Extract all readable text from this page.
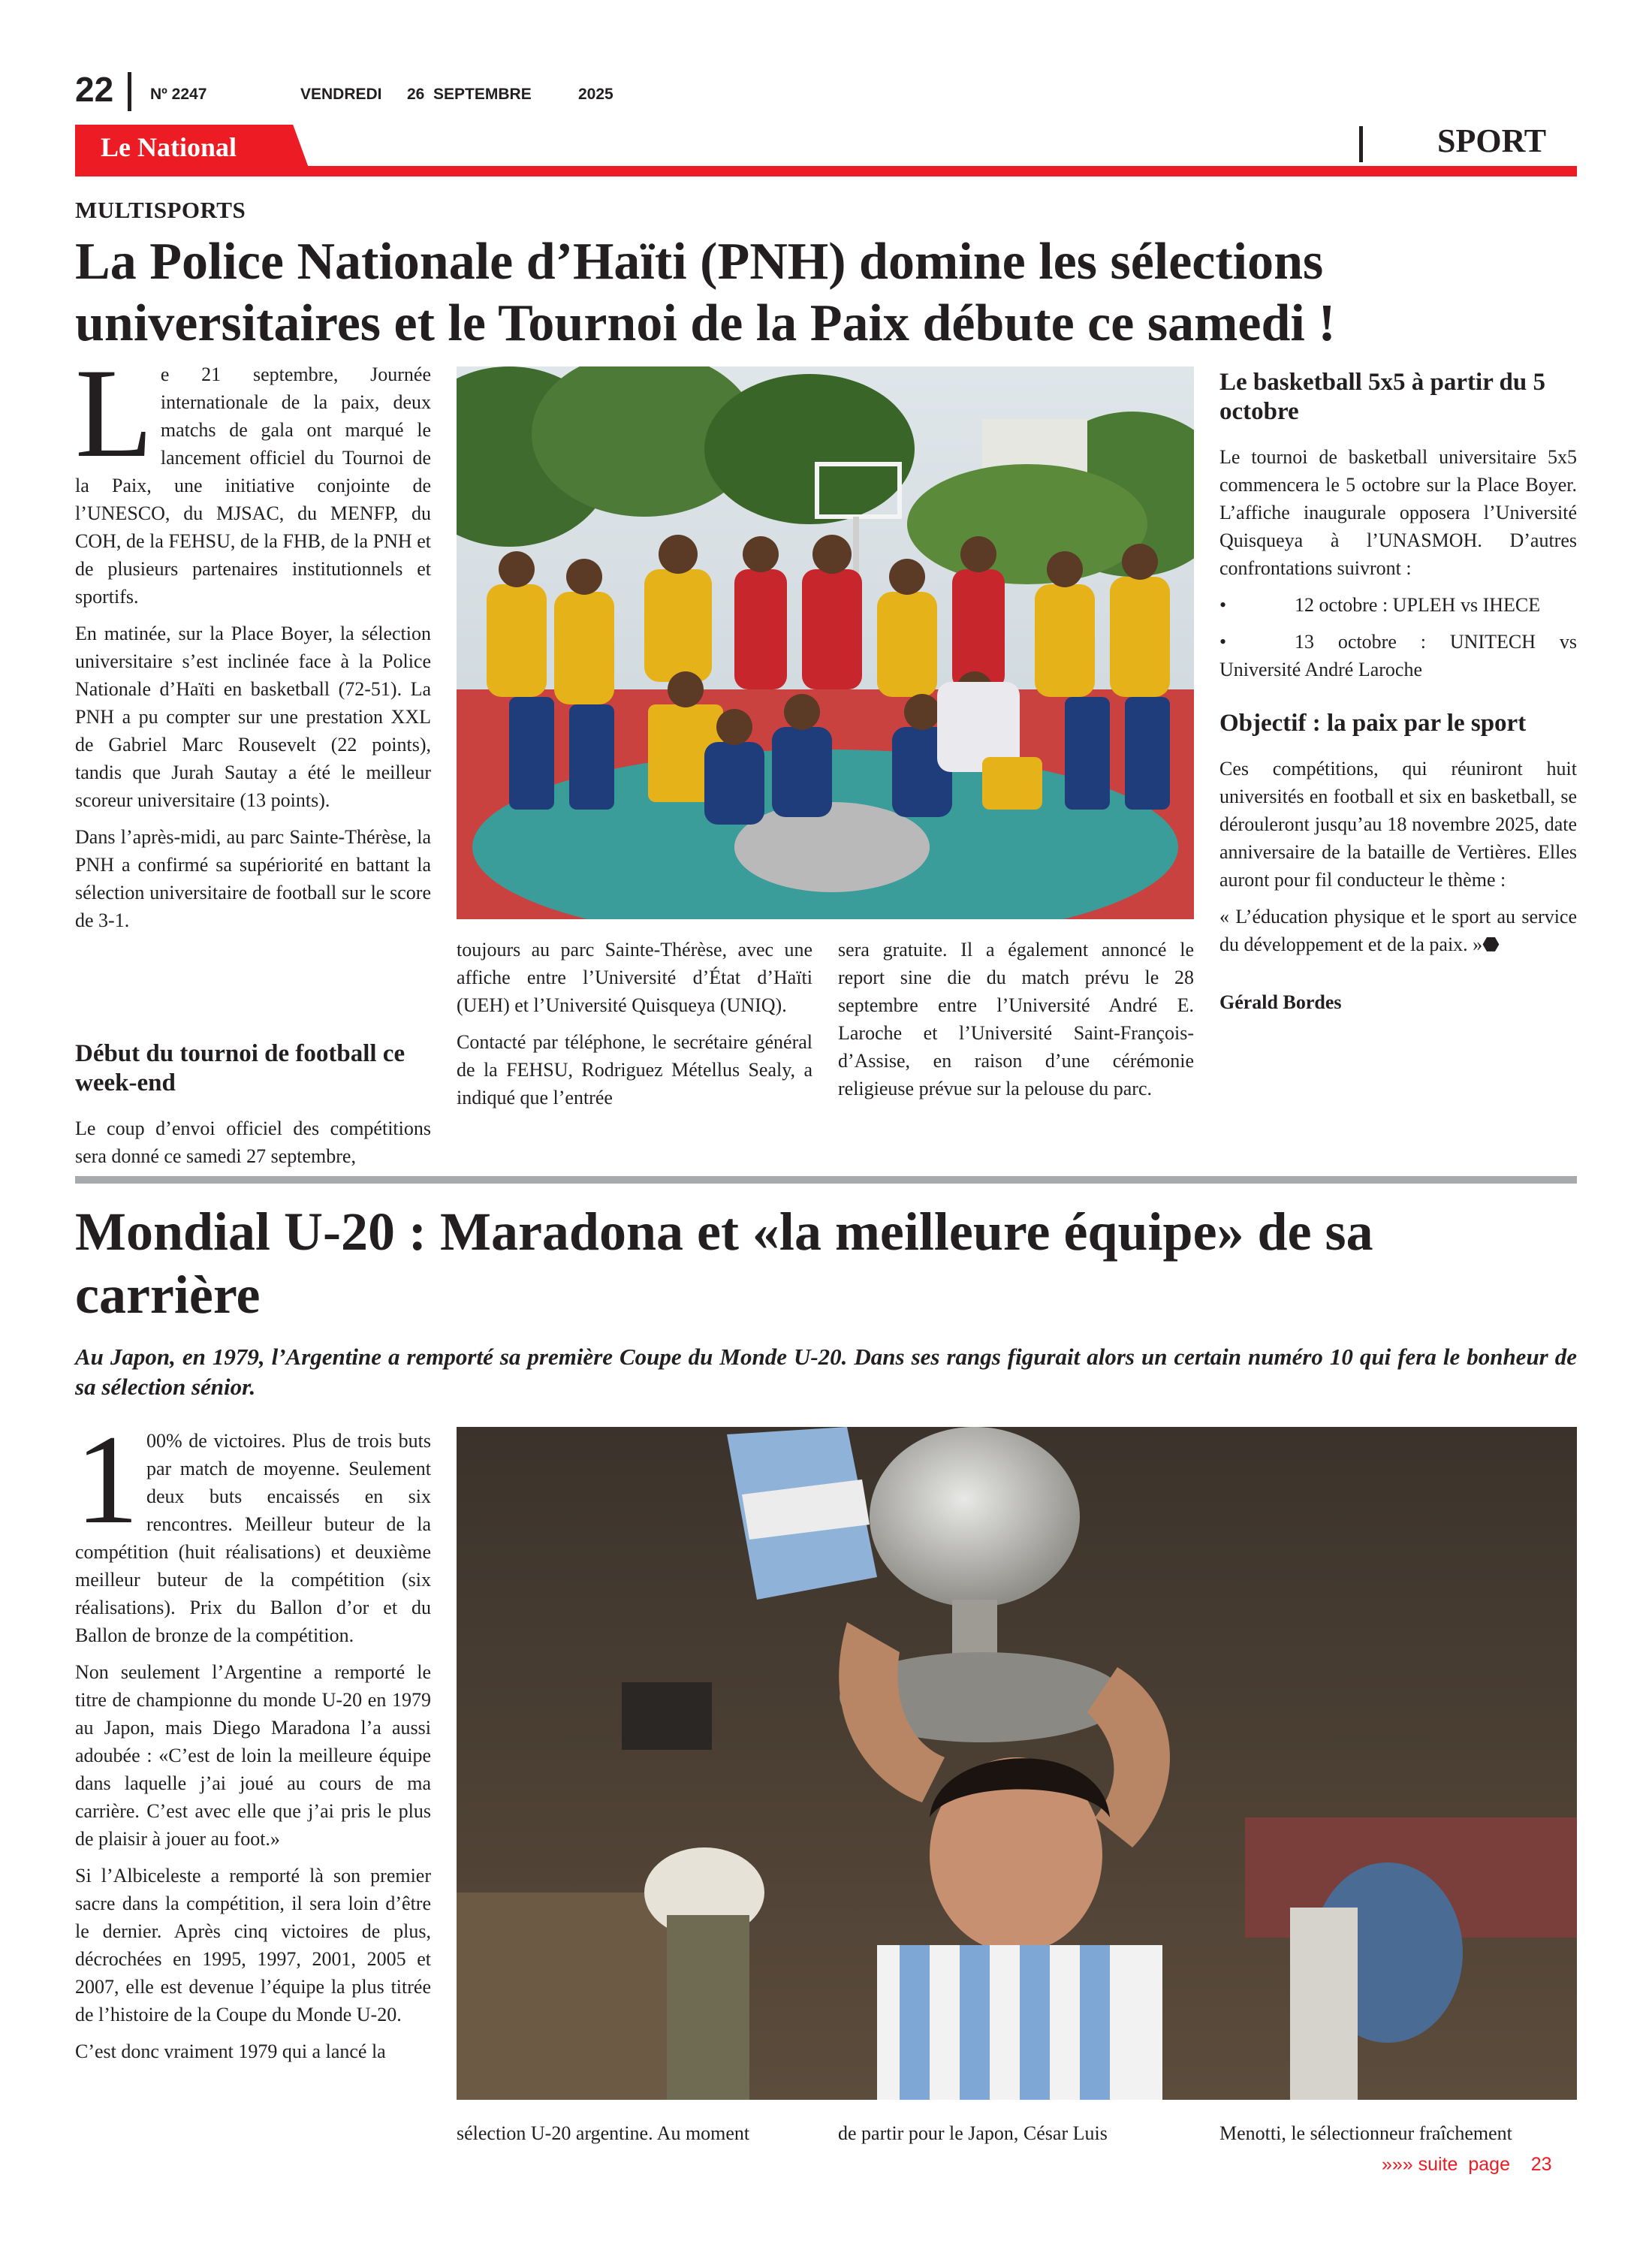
22 Nº 2247	VENDREDI 26  SEPTEMBRE	2025
Le National	SPORT
MULTISPORTS
La Police Nationale d’Haïti (PNH) domine les sélections universitaires et le Tournoi de la Paix débute ce samedi !
L e 21 septembre, Journée internationale de la paix, deux matchs de gala ont marqué le lancement officiel du Tournoi de la Paix, une initiative conjointe de l’UNESCO, du MJSAC, du MENFP, du COH, de la FEHSU, de la FHB, de la PNH et de plusieurs partenaires institutionnels et sportifs.

En matinée, sur la Place Boyer, la sélection universitaire s’est inclinée face à la Police Nationale d’Haïti en basketball (72-51). La PNH a pu compter sur une prestation XXL de Gabriel Marc Rousevelt (22 points), tandis que Jurah Sautay a été le meilleur scoreur universitaire (13 points).

Dans l’après-midi, au parc Sainte-Thérèse, la PNH a confirmé sa supériorité en battant la sélection universitaire de football sur le score de 3-1.

Début du tournoi de football ce week-end

Le coup d’envoi officiel des compétitions sera donné ce samedi 27 septembre,

toujours au parc Sainte-Thérèse, avec une affiche entre l’Université d’État d’Haïti (UEH) et l’Université Quisqueya (UNIQ).

Contacté par téléphone, le secrétaire général de la FEHSU, Rodriguez Métellus Sealy, a indiqué que l’entrée

sera gratuite. Il a également annoncé le report sine die du match prévu le 28 septembre entre l’Université André E. Laroche et l’Université Saint-François-d’Assise, en raison d’une cérémonie religieuse prévue sur la pelouse du parc.

Le basketball 5x5 à partir du 5 octobre

Le tournoi de basketball universitaire 5x5 commencera le 5 octobre sur la Place Boyer. L’affiche inaugurale opposera l’Université Quisqueya à l’UNASMOH. D’autres confrontations suivront :

•	12 octobre : UPLEH vs IHECE

•	13 octobre : UNITECH vs Université André Laroche

Objectif : la paix par le sport

Ces compétitions, qui réuniront huit universités en football et six en basketball, se dérouleront jusqu’au 18 novembre 2025, date anniversaire de la bataille de Vertières. Elles auront pour fil conducteur le thème :

« L’éducation physique et le sport au service du développement et de la paix. »⬣

Gérald Bordes

Mondial U-20 : Maradona et «la meilleure équipe» de sa carrière
Au Japon, en 1979, l’Argentine a remporté sa première Coupe du Monde U-20. Dans ses rangs figurait alors un certain numéro 10 qui fera le bonheur de sa sélection sénior.
1 00% de victoires. Plus de trois buts par match de moyenne. Seulement deux buts encaissés en six rencontres. Meilleur buteur de la compétition (huit réalisations) et deuxième meilleur buteur de la compétition (six réalisations). Prix du Ballon d’or et du Ballon de bronze de la compétition.

Non seulement l’Argentine a remporté le titre de championne du monde U-20 en 1979 au Japon, mais Diego Maradona l’a aussi adoubée : «C’est de loin la meilleure équipe dans laquelle j’ai joué au cours de ma carrière. C’est avec elle que j’ai pris le plus de plaisir à jouer au foot.»

Si l’Albiceleste a remporté là son premier sacre dans la compétition, il sera loin d’être le dernier. Après cinq victoires de plus, décrochées en 1995, 1997, 2001, 2005 et 2007, elle est devenue l’équipe la plus titrée de l’histoire de la Coupe du Monde U-20.

C’est donc vraiment 1979 qui a lancé la

sélection U-20 argentine. Au moment	de partir pour le Japon, César Luis	Menotti, le sélectionneur fraîchement

»»» suite  page    23
